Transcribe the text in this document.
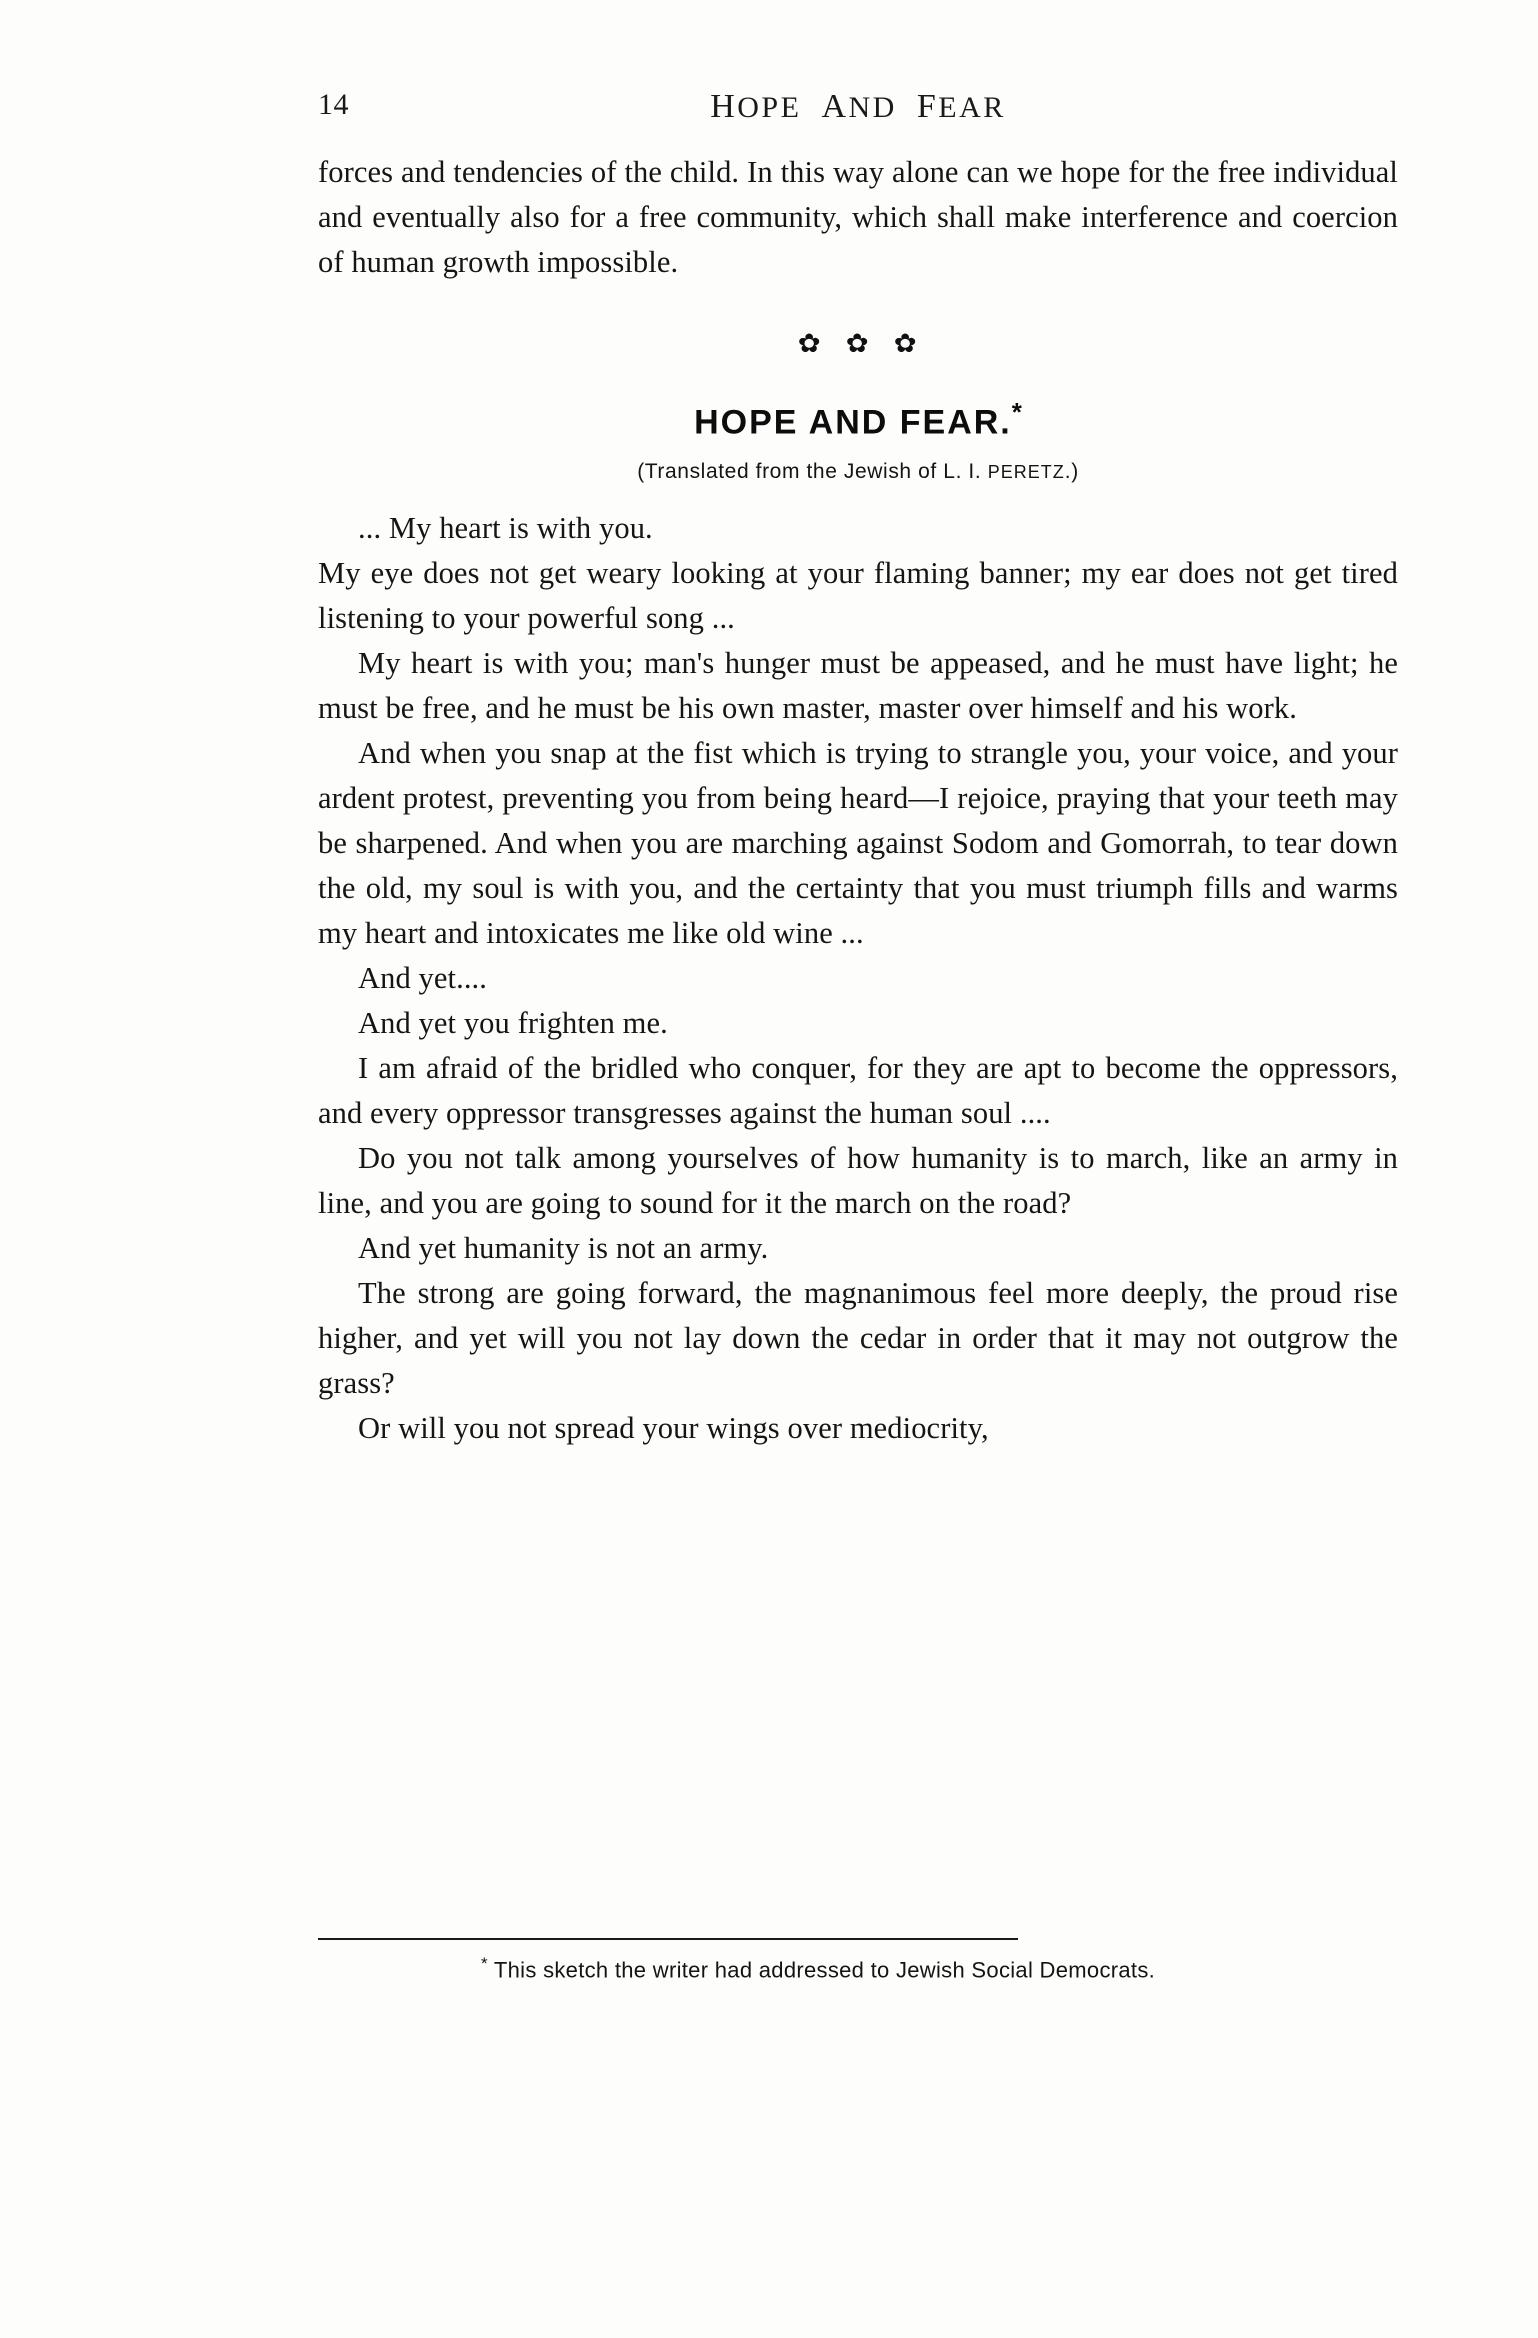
14	HOPE AND FEAR

forces and tendencies of the child. In this way alone can we hope for the free individual and eventually also for a free community, which shall make interference and coercion of human growth impossible.

✿✿✿
HOPE AND FEAR.*
(Translated from the Jewish of L. I. PERETZ.)

... My heart is with you.

My eye does not get weary looking at your flaming banner; my ear does not get tired listening to your powerful song ...

My heart is with you; man's hunger must be appeased, and he must have light; he must be free, and he must be his own master, master over himself and his work.

And when you snap at the fist which is trying to strangle you, your voice, and your ardent protest, preventing you from being heard—I rejoice, praying that your teeth may be sharpened. And when you are marching against Sodom and Gomorrah, to tear down the old, my soul is with you, and the certainty that you must triumph fills and warms my heart and intoxicates me like old wine ...

And yet....

And yet you frighten me.

I am afraid of the bridled who conquer, for they are apt to become the oppressors, and every oppressor transgresses against the human soul ....

Do you not talk among yourselves of how humanity is to march, like an army in line, and you are going to sound for it the march on the road?

And yet humanity is not an army.

The strong are going forward, the magnanimous feel more deeply, the proud rise higher, and yet will you not lay down the cedar in order that it may not outgrow the grass?

Or will you not spread your wings over mediocrity,

* This sketch the writer had addressed to Jewish Social Democrats.
